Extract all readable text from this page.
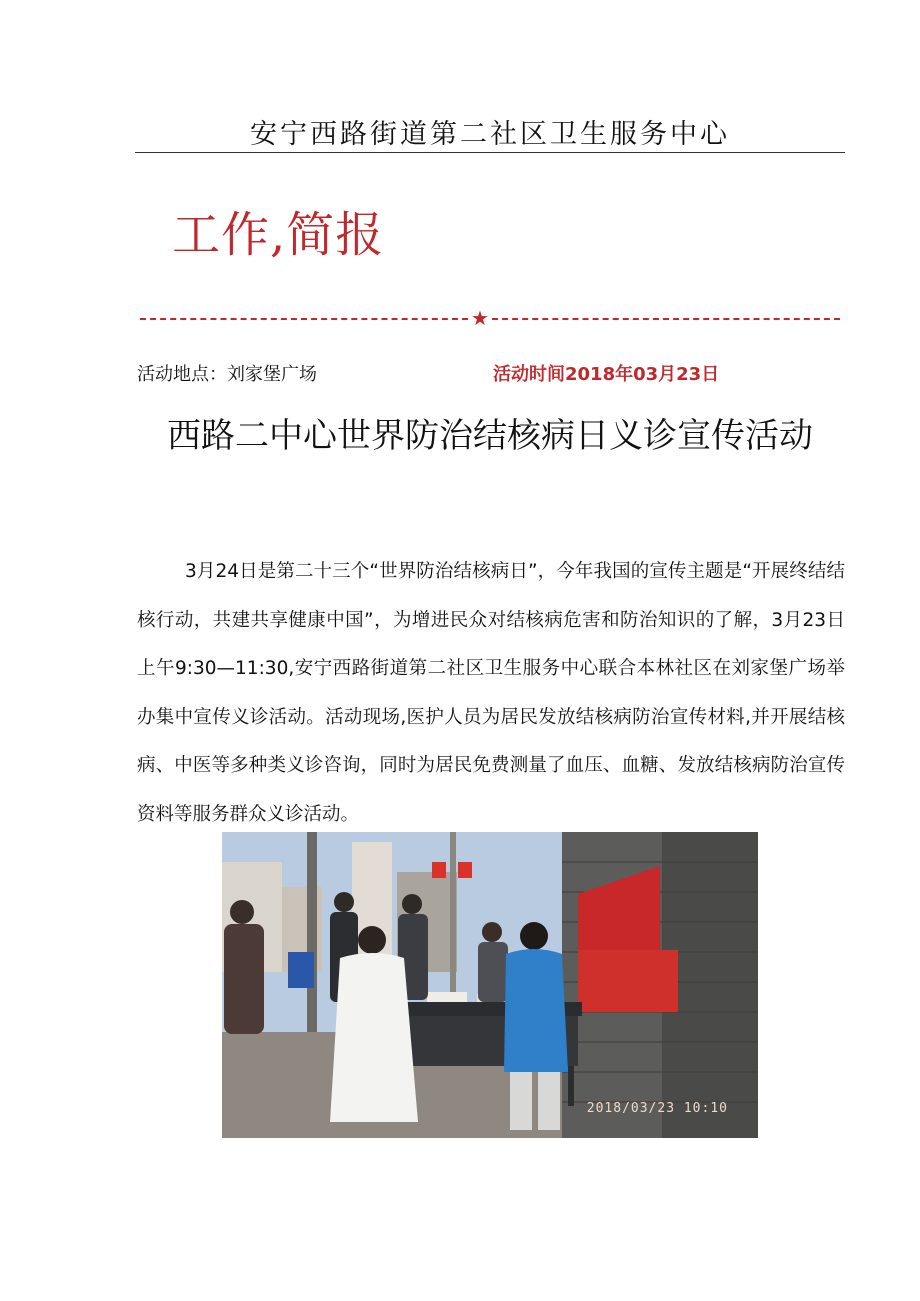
安宁西路街道第二社区卫生服务中心
工作,简报
★
活动地点：刘家堡广场	活动时间2018年03月23日
西路二中心世界防治结核病日义诊宣传活动
3月24日是第二十三个“世界防治结核病日”，今年我国的宣传主题是“开展终结结核行动，共建共享健康中国”，为增进民众对结核病危害和防治知识的了解，3月23日上午9:30—11:30,安宁西路街道第二社区卫生服务中心联合本林社区在刘家堡广场举办集中宣传义诊活动。活动现场,医护人员为居民发放结核病防治宣传材料,并开展结核病、中医等多种类义诊咨询，同时为居民免费测量了血压、血糖、发放结核病防治宣传资料等服务群众义诊活动。
2018/03/23 10:10
